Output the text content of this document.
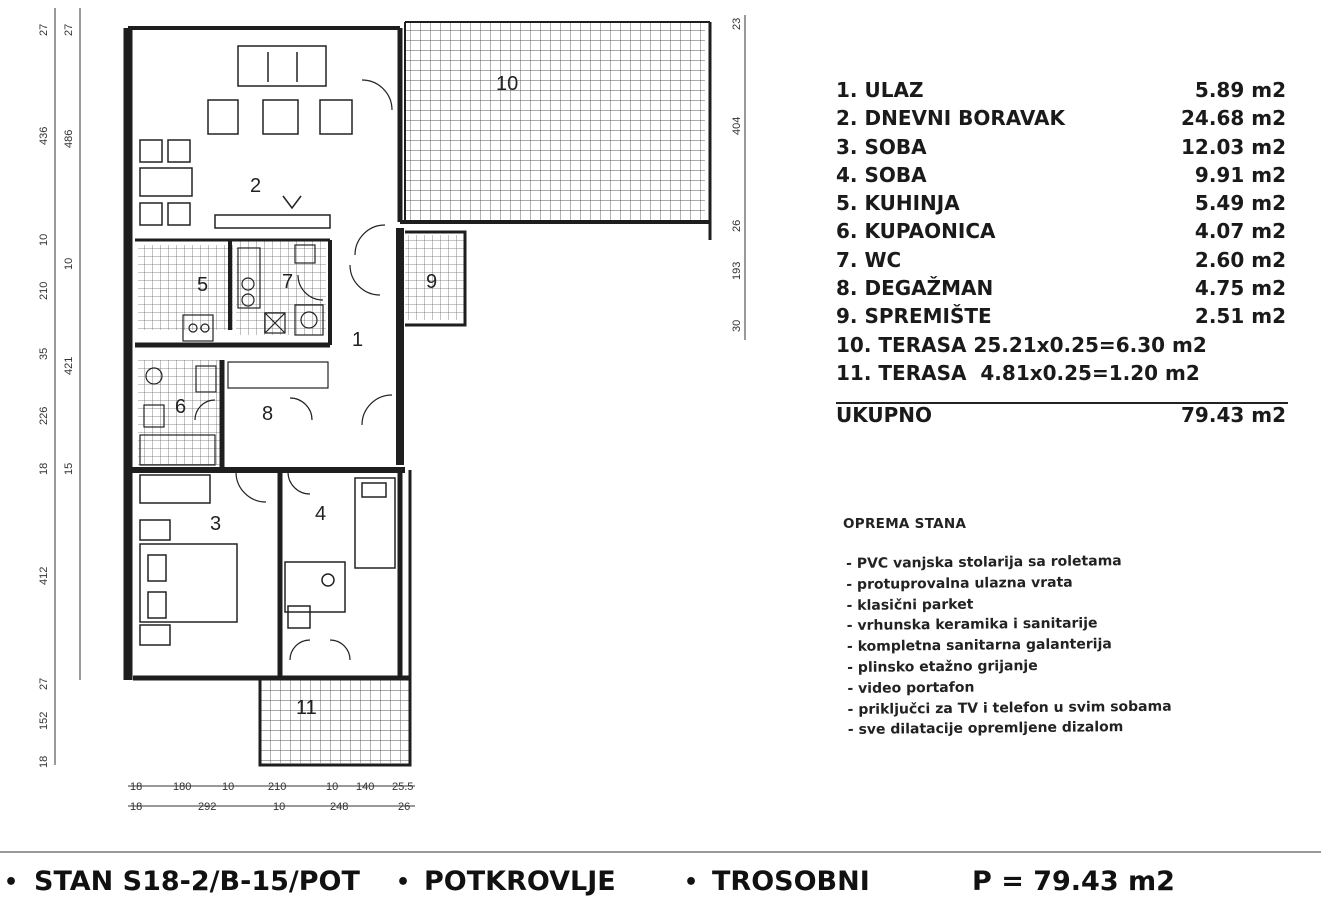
1
2
3	4
5
6
7
8
9
10
11
27 27
436 486
10
10
210
35
421
226
18 15
412
27
152
18
23
404
26
193
30
18	180	10	210	10 140 25.5
18	292	10	248	26
1. ULAZ	5.89 m2
2. DNEVNI BORAVAK	24.68 m2
3. SOBA	12.03 m2
4. SOBA	9.91 m2
5. KUHINJA	5.49 m2
6. KUPAONICA	4.07 m2
7. WC	2.60 m2
8. DEGAŽMAN	4.75 m2
9. SPREMIŠTE	2.51 m2
10. TERASA 25.21x0.25=6.30 m2
11. TERASA  4.81x0.25=1.20 m2
UKUPNO	79.43 m2
OPREMA STANA
- PVC vanjska stolarija sa roletama
- protuprovalna ulazna vrata
- klasični parket
- vrhunska keramika i sanitarije
- kompletna sanitarna galanterija
- plinsko etažno grijanje
- video portafon
- priključci za TV i telefon u svim sobama
- sve dilatacije opremljene dizalom
• STAN S18-2/B-15/POT • POTKROVLJE	• TROSOBNI	P = 79.43 m2
